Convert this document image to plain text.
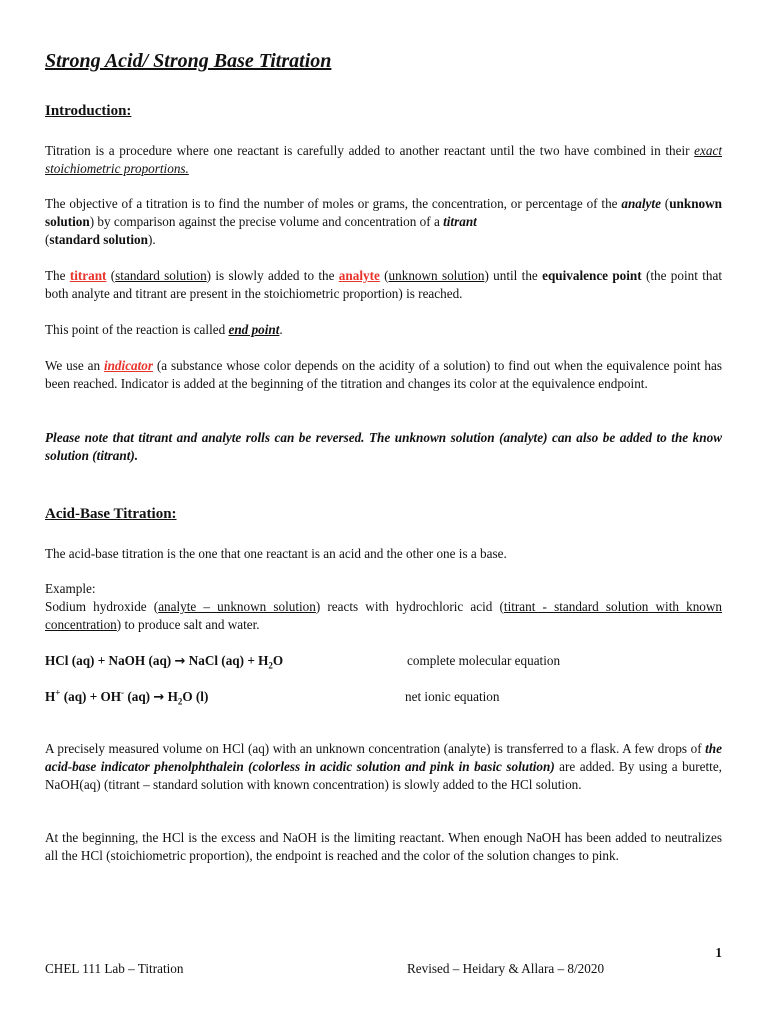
Strong Acid/ Strong Base Titration
Introduction:

Titration is a procedure where one reactant is carefully added to another reactant until the two have combined in their exact stoichiometric proportions.

The objective of a titration is to find the number of moles or grams, the concentration, or percentage of the analyte (unknown solution) by comparison against the precise volume and concentration of a titrant
(standard solution).

The titrant (standard solution) is slowly added to the analyte (unknown solution) until the equivalence point (the point that both analyte and titrant are present in the stoichiometric proportion) is reached.

This point of the reaction is called end point.

We use an indicator (a substance whose color depends on the acidity of a solution) to find out when the equivalence point has been reached. Indicator is added at the beginning of the titration and changes its color at the equivalence endpoint.

Please note that titrant and analyte rolls can be reversed. The unknown solution (analyte) can also be added to the know solution (titrant).

Acid-Base Titration:

The acid-base titration is the one that one reactant is an acid and the other one is a base.

Example:

Sodium hydroxide (analyte – unknown solution) reacts with hydrochloric acid (titrant - standard solution with known concentration) to produce salt and water.

HCl (aq) + NaOH (aq) → NaCl $(aq) + H_2O$	complete molecular equation

H+ (aq) + OH- $(aq) \to H_2O$ (l)	net ionic equation

A precisely measured volume on HCl (aq) with an unknown concentration (analyte) is transferred to a flask. A few drops of the acid-base indicator phenolphthalein (colorless in acidic solution and pink in basic solution) are added. By using a burette, NaOH(aq) (titrant – standard solution with known concentration) is slowly added to the HCl solution.

At the beginning, the HCl is the excess and NaOH is the limiting reactant. When enough NaOH has been added to neutralizes all the HCl (stoichiometric proportion), the endpoint is reached and the color of the solution changes to pink.

1

CHEL 111 Lab – Titration	Revised – Heidary & Allara – 8/2020
